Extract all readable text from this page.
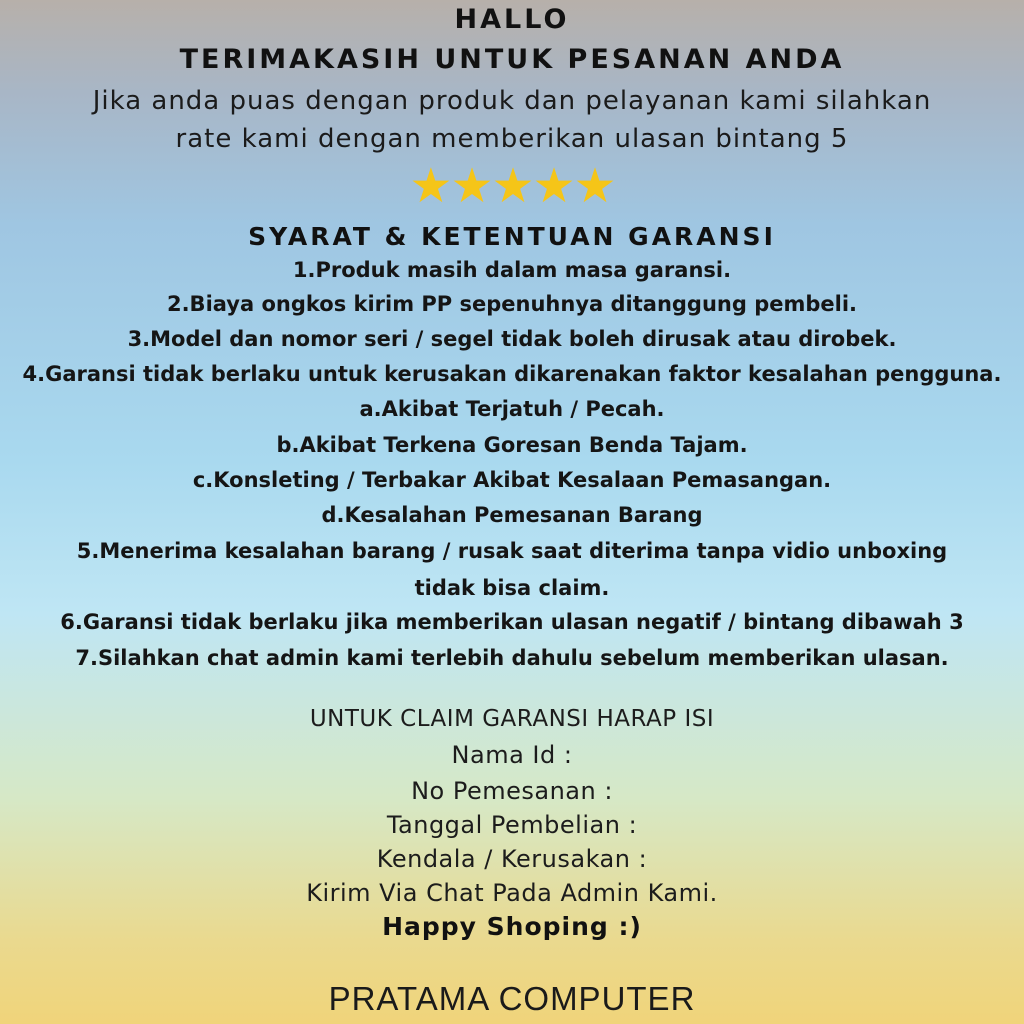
HALLO
TERIMAKASIH UNTUK PESANAN ANDA
Jika anda puas dengan produk dan pelayanan kami silahkan
rate kami dengan memberikan ulasan bintang 5
★★★★★
SYARAT & KETENTUAN GARANSI
1.Produk masih dalam masa garansi.
2.Biaya ongkos kirim PP sepenuhnya ditanggung pembeli.
3.Model dan nomor seri / segel tidak boleh dirusak atau dirobek.
4.Garansi tidak berlaku untuk kerusakan dikarenakan faktor kesalahan pengguna.
a.Akibat Terjatuh / Pecah.
b.Akibat Terkena Goresan Benda Tajam.
c.Konsleting / Terbakar Akibat Kesalaan Pemasangan.
d.Kesalahan Pemesanan Barang
5.Menerima kesalahan barang / rusak saat diterima tanpa vidio unboxing
tidak bisa claim.
6.Garansi tidak berlaku jika memberikan ulasan negatif / bintang dibawah 3
7.Silahkan chat admin kami terlebih dahulu sebelum memberikan ulasan.
UNTUK CLAIM GARANSI HARAP ISI
Nama Id :
No Pemesanan :
Tanggal Pembelian :
Kendala / Kerusakan :
Kirim Via Chat Pada Admin Kami.
Happy Shoping :)
PRATAMA COMPUTER
